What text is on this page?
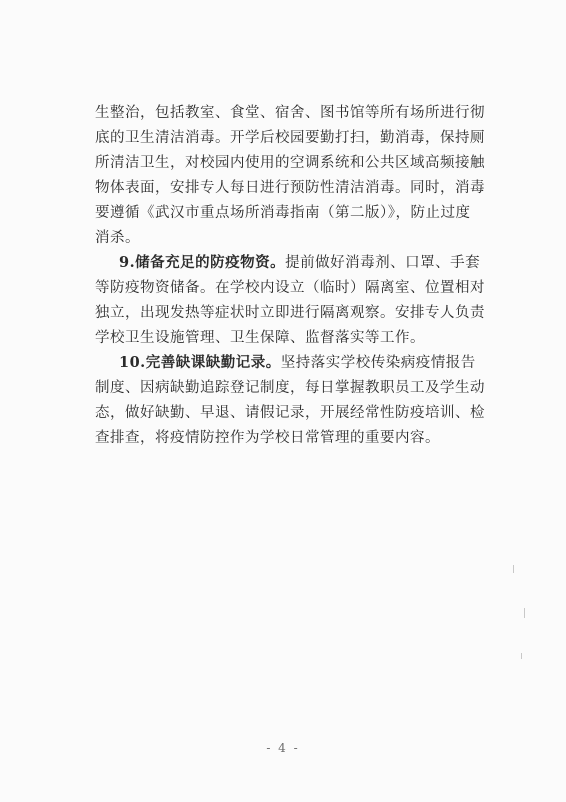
生整治，包括教室、食堂、宿舍、图书馆等所有场所进行彻
底的卫生清洁消毒。开学后校园要勤打扫，勤消毒，保持厕
所清洁卫生，对校园内使用的空调系统和公共区域高频接触
物体表面，安排专人每日进行预防性清洁消毒。同时，消毒
要遵循《武汉市重点场所消毒指南（第二版）》，防止过度
消杀。
9.储备充足的防疫物资。提前做好消毒剂、口罩、手套
等防疫物资储备。在学校内设立（临时）隔离室、位置相对
独立，出现发热等症状时立即进行隔离观察。安排专人负责
学校卫生设施管理、卫生保障、监督落实等工作。
10.完善缺课缺勤记录。坚持落实学校传染病疫情报告
制度、因病缺勤追踪登记制度，每日掌握教职员工及学生动
态，做好缺勤、早退、请假记录，开展经常性防疫培训、检
查排查，将疫情防控作为学校日常管理的重要内容。
- 4 -
